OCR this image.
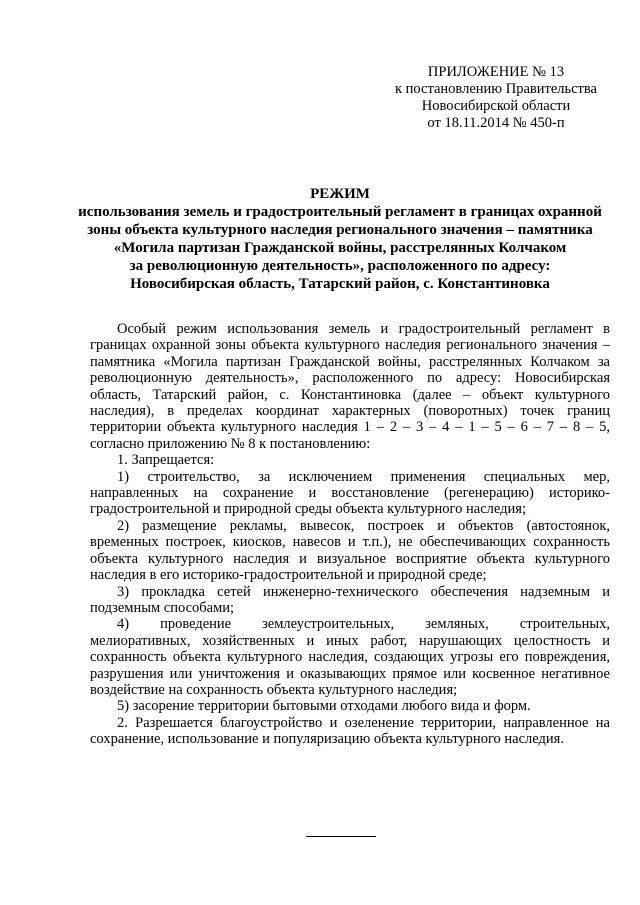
ПРИЛОЖЕНИЕ № 13
к постановлению Правительства
Новосибирской области
от 18.11.2014 № 450-п
РЕЖИМ
использования земель и градостроительный регламент в границах охранной
зоны объекта культурного наследия регионального значения – памятника
«Могила партизан Гражданской войны, расстрелянных Колчаком
за революционную деятельность», расположенного по адресу:
Новосибирская область, Татарский район, с. Константиновка

Особый режим использования земель и градостроительный регламент в
границах охранной зоны объекта культурного наследия регионального значения –
памятника «Могила партизан Гражданской войны, расстрелянных Колчаком за
революционную деятельность», расположенного по адресу: Новосибирская
область, Татарский район, с. Константиновка (далее – объект культурного
наследия), в пределах координат характерных (поворотных) точек границ
территории объекта культурного наследия 1 – 2 – 3 – 4 – 1 – 5 – 6 – 7 – 8 – 5,
согласно приложению № 8 к постановлению:

1. Запрещается:

1) строительство, за исключением применения специальных мер,
направленных на сохранение и восстановление (регенерацию) историко-
градостроительной и природной среды объекта культурного наследия;

2) размещение рекламы, вывесок, построек и объектов (автостоянок,
временных построек, киосков, навесов и т.п.), не обеспечивающих сохранность
объекта культурного наследия и визуальное восприятие объекта культурного
наследия в его историко-градостроительной и природной среде;

3) прокладка сетей инженерно-технического обеспечения надземным и
подземным способами;

4) проведение землеустроительных, земляных, строительных,
мелиоративных, хозяйственных и иных работ, нарушающих целостность и
сохранность объекта культурного наследия, создающих угрозы его повреждения,
разрушения или уничтожения и оказывающих прямое или косвенное негативное
воздействие на сохранность объекта культурного наследия;

5) засорение территории бытовыми отходами любого вида и форм.

2. Разрешается благоустройство и озеленение территории, направленное на
сохранение, использование и популяризацию объекта культурного наследия.
